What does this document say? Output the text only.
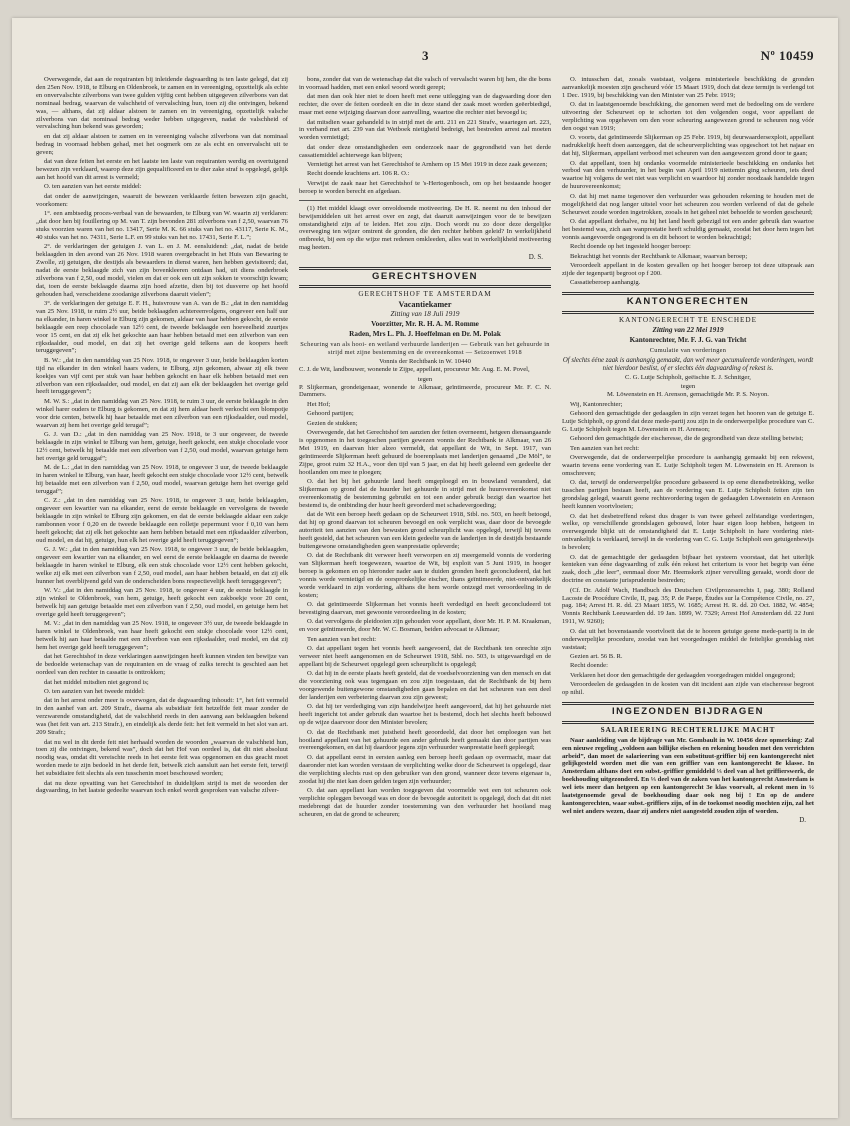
3	Nº 10459

Overwegende, dat aan de requiranten bij inleidende dagvaarding is ten laste gelegd, dat zij den 25en Nov. 1918, te Elburg en Oldenbroek, te zamen en in vereeniging, opzettelijk als echte en onvervalschte zilverbons van twee gulden vijftig cent hebben uitgegeven zilverbons van dat nominaal bedrag, waarvan de valschheid of vervalsching hun, toen zij die ontvingen, bekend was, — althans, dat zij aldaar alstoen te zamen en in vereeniging, opzettelijk valsche zilverbons van dat nominaal bedrag weder hebben uitgegeven, nadat de valschheid of vervalsching hun bekend was geworden;

en dat zij aldaar alstoen te zamen en in vereeniging valsche zilverbons van dat nominaal bedrag in voorraad hebben gehad, met het oogmerk om ze als echt en onvervalscht uit te geven;

dat van deze feiten het eerste en het laatste ten laste van requiranten werdig en overtuigend bewezen zijn verklaard, waarop deze zijn gequalificeerd en te dier zake straf is opgelegd, gelijk aan het hoofd van dit arrest is vermeld;

O. ten aanzien van het eerste middel:

dat onder de aanwijzingen, waaruit de bewezen verklaarde feiten bewezen zijn geacht, voorkomen:

1°. een ambtsedig proces-verbaal van de bewaarden, te Elburg van W. waarin zij verklaren: „dat door hen bij fouillering op M. van T. zijn bevonden 281 zilverbons van f 2,50, waarvan 76 stuks voorzien waren van het no. 13417, Serie M. K. 66 stuks van het no. 43117, Serie K. M., 40 stuks van het no. 74311, Serie L.F. en 99 stuks van het no. 17431, Serie F. L.”;

2°. de verklaringen der getuigen J. van L. en J. M. eensluidend: „dat, nadat de beide beklaagden in den avond van 26 Nov. 1918 waren overgebracht in het Huis van Bewaring te Zwolle, zij getuigen, die destijds als bewaarders in dienst waren, hen hebben gevisiteerd; dat, nadat de eerste beklaagde zich van zijn bovenkleeren ontdaan had, uit diens onderbroek zilverbons van f 2,50, oud model, vielen en dat er ook een uit zijn sokken te voorschijn kwam; dat, toen de eerste beklaagde daarna zijn hoed afzette, dien bij tot dusverre op het hoofd gehouden had, verscheidene zoodanige zilverbons daaruit vielen”;

3°. de verklaringen der getuige E. F. H., huisvrouw van A. van de B.: „dat in den namiddag van 25 Nov. 1918, te ruim 2½ uur, beide beklaagden achtereenvolgens, ongeveer een half uur na elkander, in haren winkel te Elburg zijn gekomen, aldaar van haar hebben gekocht, de eerste beklaagde een reep chocolade van 12½ cent, de tweede beklaagde een hoeveelheid zuurtjes voor 15 cent, en dat zij elk het gekochte aan haar hebben betaald met een zilverbon van een rijksdaalder, oud model, en dat zij het overige geld telkens aan de koopers heeft teruggegeven”;

B. W.: „dat in den namiddag van 25 Nov. 1918, te ongeveer 3 uur, beide beklaagden korten tijd na elkander in den winkel haars vaders, te Elburg, zijn gekomen, alwaar zij elk twee koekjes van vijf cent per stuk van haar hebben gekocht en haar elk hebben betaald met een zilverbon van een rijksdaalder, oud model, en dat zij aan elk der beklaagden het overige geld heeft teruggegeven”;

M. W. S.: „dat in den namiddag van 25 Nov. 1918, te ruim 3 uur, de eerste beklaagde in den winkel harer ouders te Elburg is gekomen, en dat zij hem aldaar heeft verkocht een blompotje voor drie centen, betwelk hij haar betaalde met een zilverbon van een rijksdaalder, oud model, waarvan zij hem het overige geld terugaf”;

G. J. van D.: „dat in den namiddag van 25 Nov. 1918, te 3 uur ongeveer, de tweede beklaagde in zijn winkel te Elburg van hem, getuige, heeft gekocht, een stukje chocolade voor 12½ cent, betwelk hij betaalde met een zilverbon van f 2,50, oud model, waarvan getuige hem het overige geld teruggaf”;

M. de L.: „dat in den namiddag van 25 Nov. 1918, te ongeveer 3 uur, de tweede beklaagde in haren winkel te Elburg, van haar, heeft gekocht een stukje chocolade voor 12½ cent, betwelk hij betaalde met een zilverbon van f 2,50, oud model, waarvan getuige hem het overige geld teruggaf”;

C. Z.: „dat in den namiddag van 25 Nov. 1918, te ongeveer 3 uur, beide beklaagden, ongeveer een kwartier van na elkander, eerst de eerste beklaagde en vervolgens de tweede beklaagde in zijn winkel te Elburg zijn gekomen, en dat de eerste beklaagde aldaar een zakje rambonnen voor f 0,20 en de tweede beklaagde een rolletje pepermunt voor f 0,10 van hem heeft gekocht; dat zij elk het gekochte aan hem hebben betaald met een rijksdaalder zilverbon, oud model, en dat hij, getuige, hun elk het overige geld heeft teruggegeven”;

G. J. W.: „dat in den namiddag van 25 Nov. 1918, te ongeveer 3 uur, de beide beklaagden, ongeveer een kwartier van na elkander, en wel eerst de eerste beklaagde en daarna de tweede beklaagde in haren winkel te Elburg, elk een stuk chocolade voor 12½ cent hebben gekocht, welke zij elk met een zilverbon van f 2,50, oud model, aan haar hebben betaald, en dat zij elk hunner het overblijvend geld van de onderscheiden bons respectievelijk heeft teruggegeven”;

W. V.: „dat in den namiddag van 25 Nov. 1918, te ongeveer 4 uur, de eerste beklaagde in zijn winkel te Oldenbroek, van hem, getuige, heeft gekocht een zakboekje voor 20 cent, betwelk hij aan getuige betaalde met een zilverbon van f 2,50, oud model, en getuige hem het overige geld heeft teruggegeven”;

M. V.: „dat in den namiddag van 25 Nov. 1918, te ongeveer 3½ uur, de tweede beklaagde in haren winkel te Oldenbroek, van haar heeft gekocht een stukje chocolade voor 12½ cent, betwelk hij aan haar betaalde met een zilverbon van een rijksdaalder, oud model, en dat zij hem het overige geld heeft teruggegeven”;

dat het Gerechtshof in deze verklaringen aanwijzingen heeft kunnen vinden ten bewijze van de bedoelde wetenschap van de requiranten en de vraag of zulks terecht is geschied aan het oordeel van den rechter in cassatie is onttrokken;

dat het middel mitsdien niet gegrond is;

O. ten aanzien van het tweede middel:

dat in het arrest onder meer is overwogen, dat de dagvaarding inhoudt: 1°, het feit vermeld in den aanhef van art. 209 Strafr., daarna als subsidiair feit hetzelfde feit maar zonder de verzwarende omstandigheid, dat de valschheid reeds in den aanvang aan beklaagden bekend was (het feit van art. 213 Strafr.), en eindelijk als derde feit: het feit vermeld in het slot van art. 209 Strafr.;

dat nu wel in dit derde feit niet herhaald worden de woorden „waarvan de valschheid hun, toen zij die ontvingen, bekend was”, doch dat het Hof van oordeel is, dat dit niet absoluut noodig was, omdat dit vereischte reeds in het eerste feit was opgenomen en dus geacht moet worden mede te zijn bedoeld in het derde feit, betwelk zich aansluit aan het eerste feit, terwijl het subsidiaire feit slechts als een tusschenin moet beschouwd worden;

dat nu deze opvatting van het Gerechtshof in duidelijken strijd is met de woorden der dagvaarding, in het laatste gedeelte waarvan toch enkel wordt gesproken van valsche zilver-

bons, zonder dat van de wetenschap dat die valsch of vervalscht waren bij hen, die die bons in voorraad hadden, met een enkel woord wordt gerept;

dat men dan ook hier niet te doen heeft met eene uitlegging van de dagvaarding door den rechter, die over de feiten oordeelt en die in deze stand der zaak moet worden geëerbiedigd, maar met eene wijziging daarvan door aanvulling, waartoe die rechter niet bevoegd is;

dat mitsdien waar gehandeld is in strijd met de artt. 211 en 221 Strafv., waartegen art. 223, in verband met art. 239 van dat Wetboek nietigheid bedreigt, het bestreden arrest zal moeten worden vernietigd;

dat onder deze omstandigheden een onderzoek naar de gegrondheid van het derde cassatiemiddel achterwege kan blijven;

Vernietigt het arrest van het Gerechtshof te Arnhem op 15 Mei 1919 in deze zaak gewezen;

Recht doende krachtens art. 106 R. O.:

Verwijst de zaak naar het Gerechtshof te 's-Hertogenbosch, om op het bestaande hooger beroep te worden berecht en afgedaan.

(1) Het middel klaagt over onvoldoende motiveering. De H. R. neemt nu den inhoud der bewijsmiddelen uit het arrest over en zegt, dat daaruit aanwijzingen voor de te bewijzen omstandigheid zijn af te leiden. Het zou zijn. Doch wordt nu zo door deze dergelijke overweging ten wijzer omtrent de gronden, die den rechter hebben geleid? In werkelijkheid ontbreekt, bij een op die wijze met redenen omkleeden, alles wat in werkelijkheid motiveering mag heeten.

D. S.
GERECHTSHOVEN
GERECHTSHOF TE AMSTERDAM
Vacantiekamer
Zitting van 18 Juli 1919
Voorzitter, Mr. R. H. A. M. Romme
Raden, Mrs L. Ph. J. Hoeffelman en Dr. M. Polak

Scheuring van als hooi- en weiland verhuurde landerijen — Gebruik van het gehuurde in strijd met zijne bestemming en de overeenkomst — Seizoenwet 1918

Vonnis der Rechtbank in W. 10440

C. J. de Wit, landbouwer, wonende te Zijpe, appellant, procureur Mr. Aug. E. M. Povel,

tegen

P. Slijkerman, grondeigenaar, wonende te Alkmaar, geïntimeerde, procureur Mr. F. C. N. Dammers.

Het Hof;

Gehoord partijen;

Gezien de stukken;

Overwegende, dat het Gerechtshof ten aanzien der feiten overneemt, hetgeen dienaangaande is opgenomen in het toegeschen partijen gewezen vonnis der Rechtbank te Alkmaar, van 26 Mei 1919, en daarvan hier alzeo vermeldt, dat appellant de Wit, in Sept. 1917, van geïntimeerde Slijkerman heeft gehuurd de boerenplaats met landerijen genaamd „De Möl”, te Zijpe, groot ruim 32 H.A., voor den tijd van 5 jaar, en dat hij heeft geleend een gedeelte der hooilanden om mee te ploegen;

O. dat het bij het gehuurde land heeft omgeploegd en in bouwland veranderd, dat Slijkerman op grond dat de huurder het gehuurde in strijd met de huurovereenkomst niet overeenkomstig de bestemming gebruikt en tot een ander gebruik bezigt dan waartoe het bestemd is, de ontbinding der huur heeft gevorderd met schadevergoeding;

dat de Wit een beroep heeft gedaan op de Scheurwet 1918, Stbl. no. 503, en heeft betoogd, dat hij op grond daarvan tot scheuren bevoegd en ook verplicht was, daar door de bevoegde autoriteit ten aanzien van den bewusten grond scheurplicht was opgelegd, terwijl hij tevens heeft gesteld, dat het scheuren van een klein gedeelte van de landerijen in de destijds bestaande buitengewone omstandigheden geen wanprestatie opleverde;

O. dat de Rechtbank dit verweer heeft verworpen en zij meergemeld vonnis de vordering van Slijkerman heeft toegewezen, waartoe de Wit, bij exploit van 5 Juni 1919, in hooger beroep is gekomen en op hieronder nader aan te duiden gronden heeft geconcludeerd, dat het vonnis worde vernietigd en de oorspronkelijke eischer, thans geïntimeerde, niet-ontvankelijk worde verklaard in zijn vordering, althans die hem worde ontzegd met veroordeeling in de kosten;

O. dat geïntimeerde Slijkerman het vonnis heeft verdedigd en heeft geconcludeerd tot bevestiging daarvan, met gewoonte veroordeeling in de kosten;

O. dat vervolgens de pleidooien zijn gehouden voor appellant, door Mr. H. P. M. Kraakman, en voor geïntimeerde, door Mr. W. C. Bosman, beiden advocaat te Alkmaar;

Ten aanzien van het recht:

O. dat appellant tegen het vonnis heeft aangevoerd, dat de Rechtbank ten onrechte zijn verweer niet heeft aangenomen en de Scheurwet 1918, Stbl. no. 503, is uitgevaardigd en de appellant bij de Scheurwet opgelegd geen scheurplicht is opgelegd;

O. dat hij in de eerste plaats heeft gesteld, dat de voedselvoorziening van den mensch en dat die voorziening ook was tegengaan en zou zijn toegestaan, dat de Rechtbank de bij hem voorgewende buitengewone omstandigheden gaan bepalen en dat het scheuren van een deel der landerijen een verbetering daarvan zou zijn geweest;

O. dat hij ter verdediging van zijn handelwijze heeft aangevoerd, dat hij het gehuurde niet heeft ingericht tot ander gebruik dan waartoe het is bestemd, doch het slechts heeft bebouwd op de wijze daarvoor door den Minister bevolen;

O. dat de Rechtbank met juistheid heeft geoordeeld, dat door het omploegen van het hooiland appellant van het gehuurde een ander gebruik heeft gemaakt dan door partijen was overeengekomen, en dat hij daardoor jegens zijn verhuurder wanprestatie heeft gepleegd;

O. dat appellant eerst in eersten aanleg een beroep heeft gedaan op overmacht, maar dat daaronder niet kan worden verstaan de verplichting welke door de Scheurwet is opgelegd, daar die verplichting slechts rust op den gebruiker van den grond, wanneer deze tevens eigenaar is, zoodat hij die niet kan doen gelden tegen zijn verhuurder;

O. dat aan appellant kan worden toegegeven dat voormelde wet een tot scheuren ook verplichte opleggen bevoegd was en door de bevoegde autoriteit is opgelegd, doch dat dit niet medebrengt dat de huurder zonder toestemming van den verhuurder het hooiland mag scheuren, en dat de grond te scheuren;

O. intusschen dat, zooals vaststaat, volgens ministerieele beschikking de gronden aanvankelijk moesten zijn gescheurd vóór 15 Maart 1919, doch dat deze termijn is verlengd tot 1 Dec. 1919, bij beschikking van den Minister van 25 Febr. 1919;

O. dat in laatstgenoemde beschikking, die genomen werd met de bedoeling om de verdere uitvoering der Scheurwet op te schorten tot den volgenden oogst, voor appellant de verplichting was opgeheven om den voor scheuring aangewezen grond te scheuren nog vóór den oogst van 1919;

O. voorts, dat geïntimeerde Slijkerman op 25 Febr. 1919, bij deurwaardersexploit, appellant nadrukkelijk heeft doen aanzeggen, dat de scheurverplichting was opgeschort tot het najaar en dat hij, Slijkerman, appellant verbood met scheuren van den aangewezen grond door te gaan;

O. dat appellant, toen hij ondanks voormelde ministerieele beschikking en ondanks het verbod van den verhuurder, in het begin van April 1919 niettemin ging scheuren, iets deed waartoe hij volgens de wet niet was verplicht en waardoor hij zonder noodzaak handelde tegen de huurovereenkomst;

O. dat hij met name tegenover den verhuurder was gehouden rekening te houden met de mogelijkheid dat nog langer uitstel voor het scheuren zou worden verleend of dat de gehele Scheurwet zoude worden ingetrokken, zooals in het geheel niet behoefde te worden gescheurd;

O. dat appellant derhalve, nu hij het land heeft gebezigd tot een ander gebruik dan waartoe het bestemd was, zich aan wanprestatie heeft schuldig gemaakt, zoodat het door hem tegen het vonnis aangevoerde ongegrond is en dit behoort te worden bekrachtigd;

Recht doende op het ingesteld hooger beroep:

Bekrachtigt het vonnis der Rechtbank te Alkmaar, waarvan beroep;

Veroordeelt appellant in de kosten gevallen op het hooger beroep tot deze uitspraak aan zijde der tegenpartij begroot op f 200.

Cassatieberoep aanhangig.

KANTONGERECHTEN
KANTONGERECHT TE ENSCHEDE
Zitting van 22 Mei 1919
Kantonrechter, Mr. F. J. G. van Tricht
Cumulatie van vorderingen

Of slechts ééne zaak is aanhangig gemaakt, dan wel meer gecumuleerde vorderingen, wordt niet hierdoor beslist, of er slechts één dagvaarding of rekest is.

C. G. Lutje Schipholt, geëischte E. J. Schnitger,

tegen

M. Löwenstein en H. Arenson, gemachtigde Mr. P. S. Noyon.

Wij, Kantonrechter;

Gehoord den gemachtigde der gedaagden in zijn verzet tegen het hooren van de getuige E. Lutje Schipholt, op grond dat deze mede-partij zou zijn in de onderwerpelijke procedure van C. G. Lutje Schipholt tegen M. Löwenstein en H. Arenson;

Gehoord den gemachtigde der eischeresse, die de gegrondheid van deze stelling betwist;

Ten aanzien van het recht:

Overwegende, dat de onderwerpelijke procedure is aanhangig gemaakt bij een rekwest, waarin tevens eene vordering van E. Lutje Schipholt tegen M. Löwenstein en H. Arenson is omschreven;

O. dat, terwijl de onderwerpelijke procedure gebaseerd is op eene dienstbetrekking, welke tusschen partijen bestaan heeft, aan de vordering van E. Lutje Schipholt feiten zijn ten grondslag gelegd, waaruit geene rechtsvordering tegen de gedaagden Löwenstein en Arenson heeft kunnen voortvloeien;

O. dat het desbetreffend rekest dus drager is van twee geheel zelfstandige vorderingen, welke, op verschillende grondslagen gebouwd, loter haar eigen loop hebben, hetgeen in overwegende blijkt uit de omstandigheid dat E. Lutje Schipholt in hare vordering niet-ontvankelijk is verklaard, terwijl in de vordering van C. G. Lutje Schipholt een getuigenbewijs is bevolen;

O. dat de gemachtigde der gedaagden bijbaar het systeem voorstaat, dat het uiterlijk kenteken van ééne dagvaarding of zulk één rekest het criterium is voor het begrip van ééne zaak, doch „die leer”, eenmaal door Mr. Heemskerk zijner vervulling geraakt, wordt door de doctrine en constante jurisprudentie bestreden;

(Cf. Dr. Adolf Wach, Handbuch des Deutschen Civilprozessrechts I, pag. 380; Rolland Lacoste de Procédure Civile, II, pag. 35; P. de Paepe, Études sur la Compétence Civile, no. 27, pag. 184; Arrest H. R. dd. 23 Maart 1855, W. 1685; Arrest H. R. dd. 20 Oct. 1882, W. 4854; Vonnis Rechtbank Leeuwarden dd. 19 Jan. 1899, W. 7329; Arrest Hof Amsterdam dd. 22 Juni 1911, W. 9260);

O. dat uit het bovenstaande voortvloeit dat de te hooren getuige geene mede-partij is in de onderwerpelijke procedure, zoodat van het voorgedragen middel de feitelijke grondslag niet vaststaat;

Gezien art. 56 B. R.

Recht doende:

Verklaren het door den gemachtigde der gedaagden voorgedragen middel ongegrond;

Veroordeelen de gedaagden in de kosten van dit incident aan zijde van eischeresse begroot op nihil.

INGEZONDEN BIJDRAGEN
SALARIEERING RECHTERLIJKE MACHT

Naar aanleiding van de bijdrage van Mr. Gombault in W. 10456 deze opmerking: Zal een nieuwe regeling „voldoen aan billijke eischen en rekening houden met den verrichten arbeid”, dan moet de salarieering van een substituut-griffier bij een kantongerecht niet gelijkgesteld worden met die van een griffier van een kantongerecht 8e klasse. In Amsterdam althans doet een subst.-griffier gemiddeld ⅓ deel van al het griffierswerk, de boekhouding uitgezonderd. En ⅓ deel van de zaken van het kantongerecht Amsterdam is wel iets meer dan hetgeen op een kantongerecht 3e klas voorvalt, al rekent men in ½ laatstgenoemde geval de boekhouding daar ook nog bij ! En op de andere kantongerechten, waar subst.-griffiers zijn, of in de toekomst noodig mochten zijn, zal het wel niet anders wezen, daar zij anders niet aangesteld zouden zijn of worden.

D.
